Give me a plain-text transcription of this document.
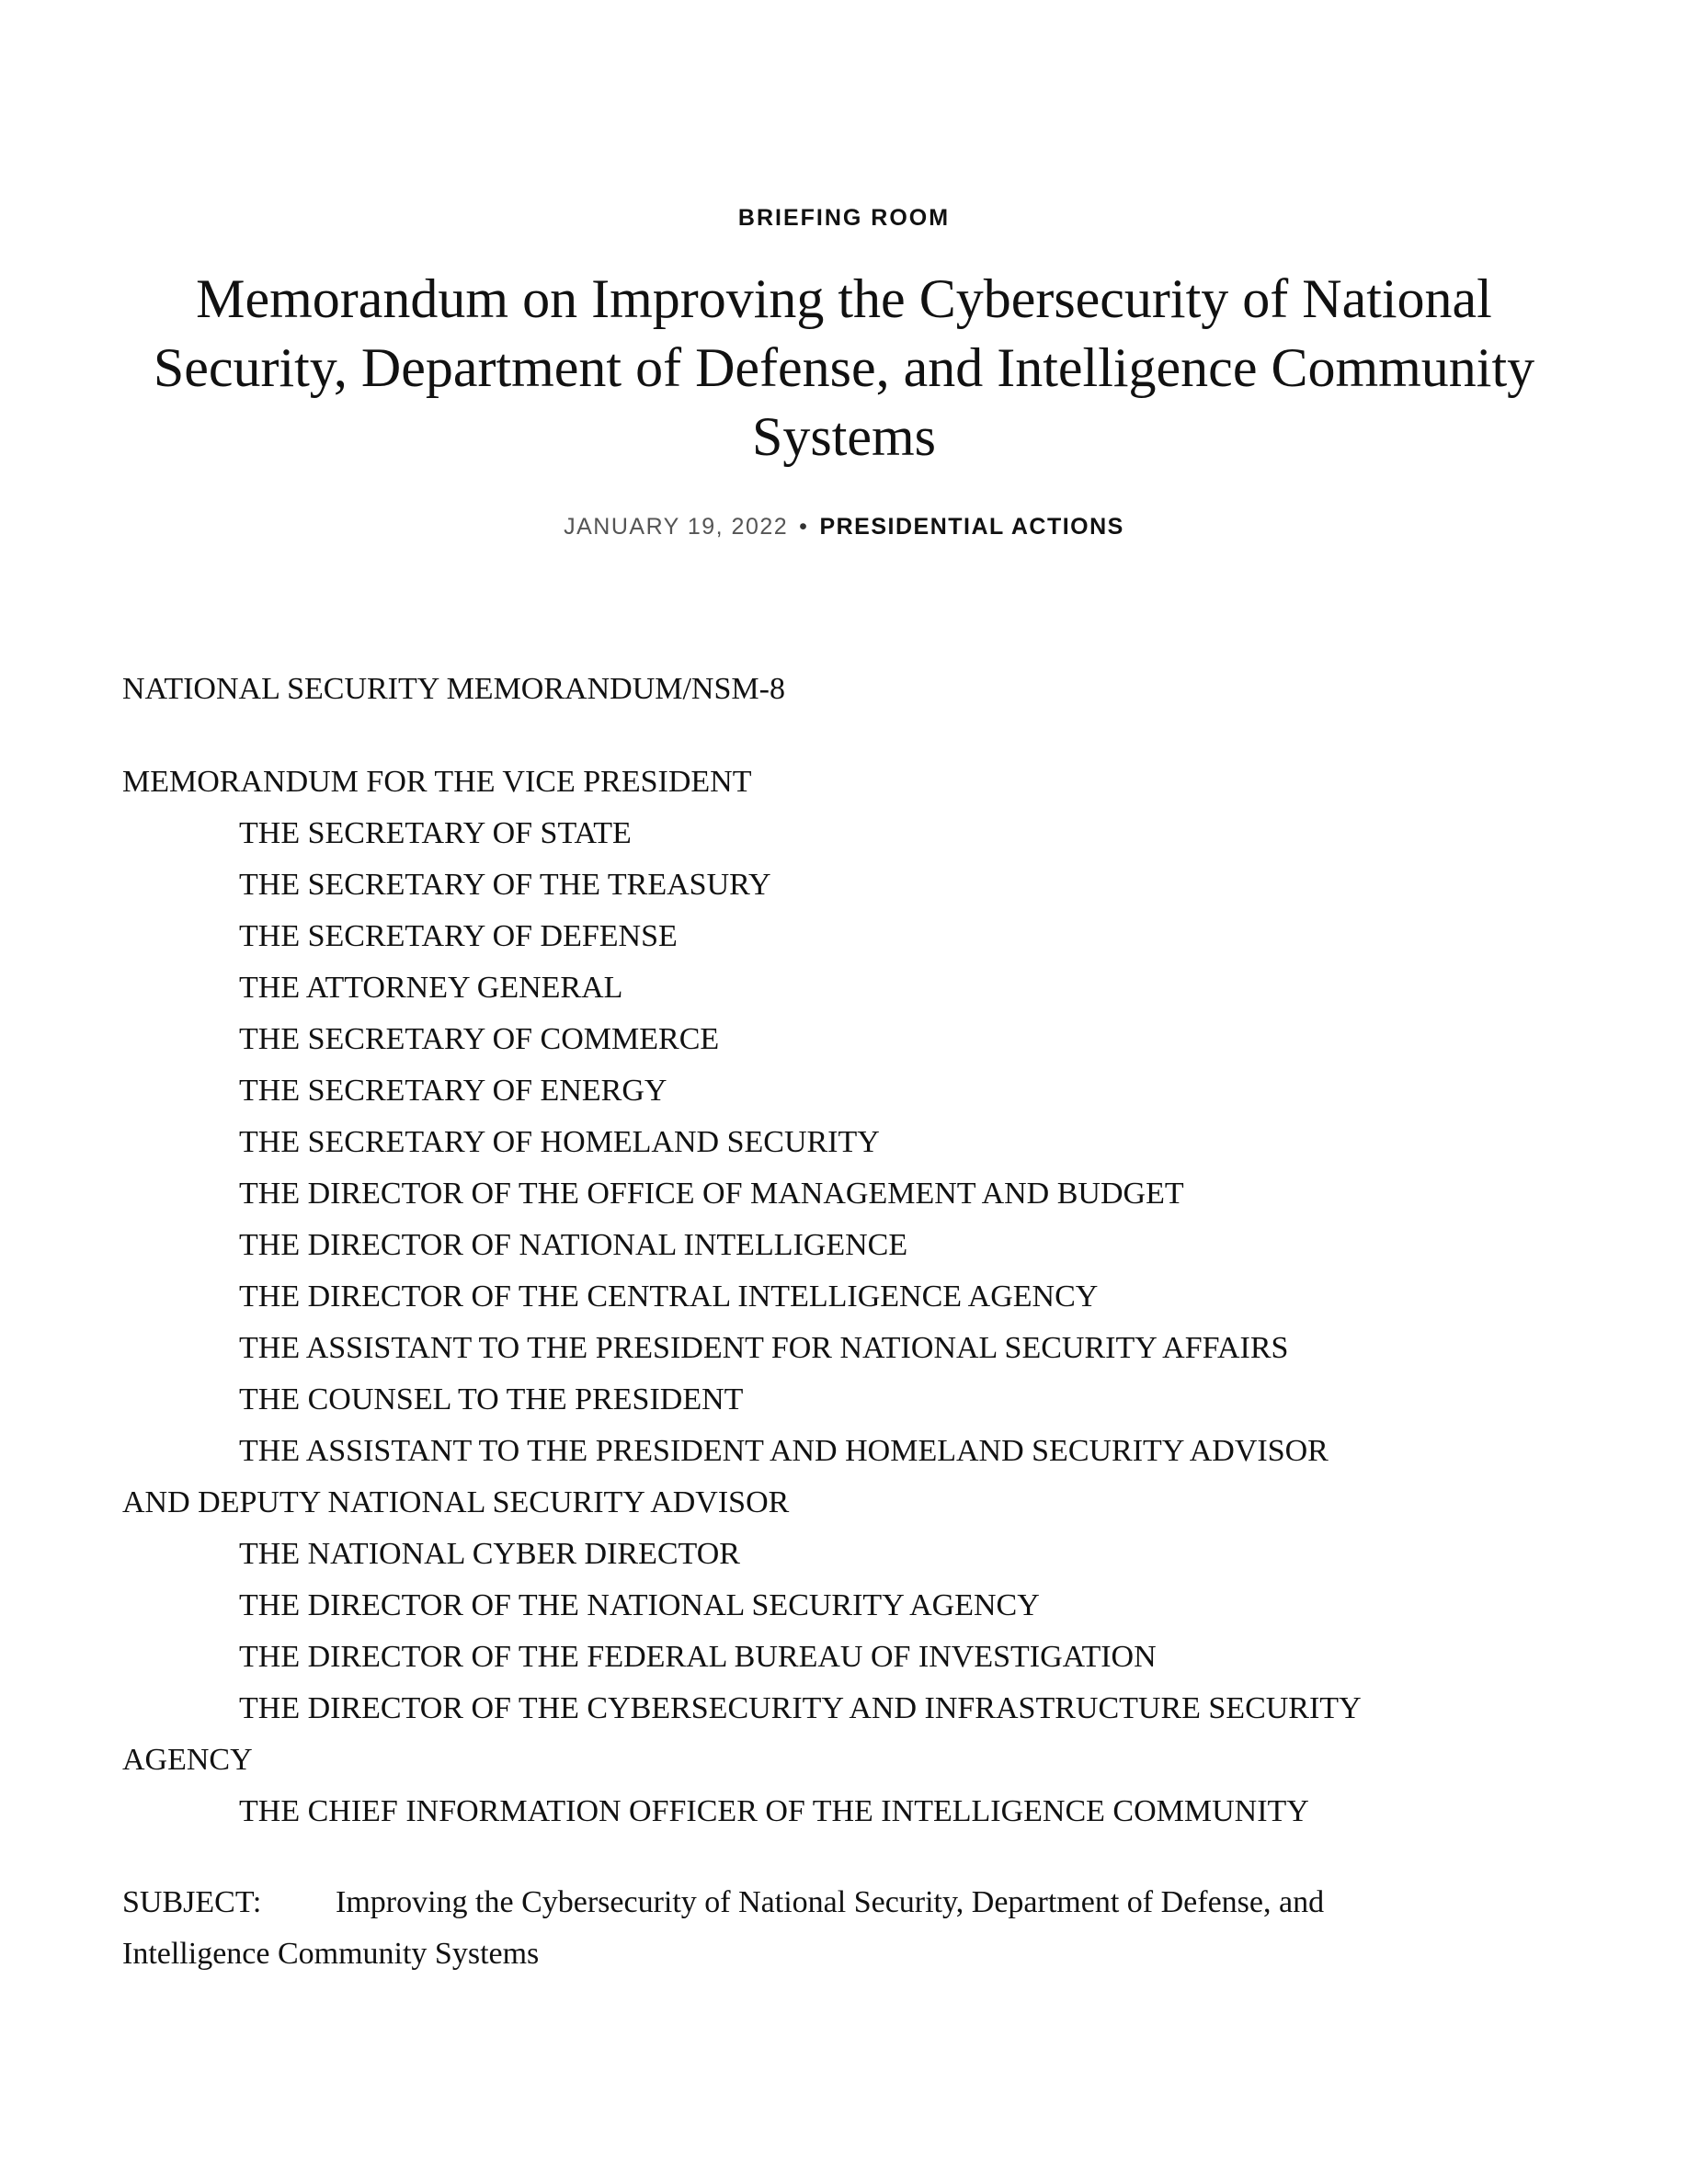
BRIEFING ROOM
Memorandum on Improving the Cybersecurity of National Security, Department of Defense, and Intelligence Community Systems
JANUARY 19, 2022 • PRESIDENTIAL ACTIONS

NATIONAL SECURITY MEMORANDUM/NSM-8

MEMORANDUM FOR THE VICE PRESIDENT
THE SECRETARY OF STATE
THE SECRETARY OF THE TREASURY
THE SECRETARY OF DEFENSE
THE ATTORNEY GENERAL
THE SECRETARY OF COMMERCE
THE SECRETARY OF ENERGY
THE SECRETARY OF HOMELAND SECURITY
THE DIRECTOR OF THE OFFICE OF MANAGEMENT AND BUDGET
THE DIRECTOR OF NATIONAL INTELLIGENCE
THE DIRECTOR OF THE CENTRAL INTELLIGENCE AGENCY
THE ASSISTANT TO THE PRESIDENT FOR NATIONAL SECURITY AFFAIRS
THE COUNSEL TO THE PRESIDENT
THE ASSISTANT TO THE PRESIDENT AND HOMELAND SECURITY ADVISOR
AND DEPUTY NATIONAL SECURITY ADVISOR
THE NATIONAL CYBER DIRECTOR
THE DIRECTOR OF THE NATIONAL SECURITY AGENCY
THE DIRECTOR OF THE FEDERAL BUREAU OF INVESTIGATION
THE DIRECTOR OF THE CYBERSECURITY AND INFRASTRUCTURE SECURITY
AGENCY
THE CHIEF INFORMATION OFFICER OF THE INTELLIGENCE COMMUNITY
SUBJECT: Improving the Cybersecurity of National Security, Department of Defense, and
Intelligence Community Systems
